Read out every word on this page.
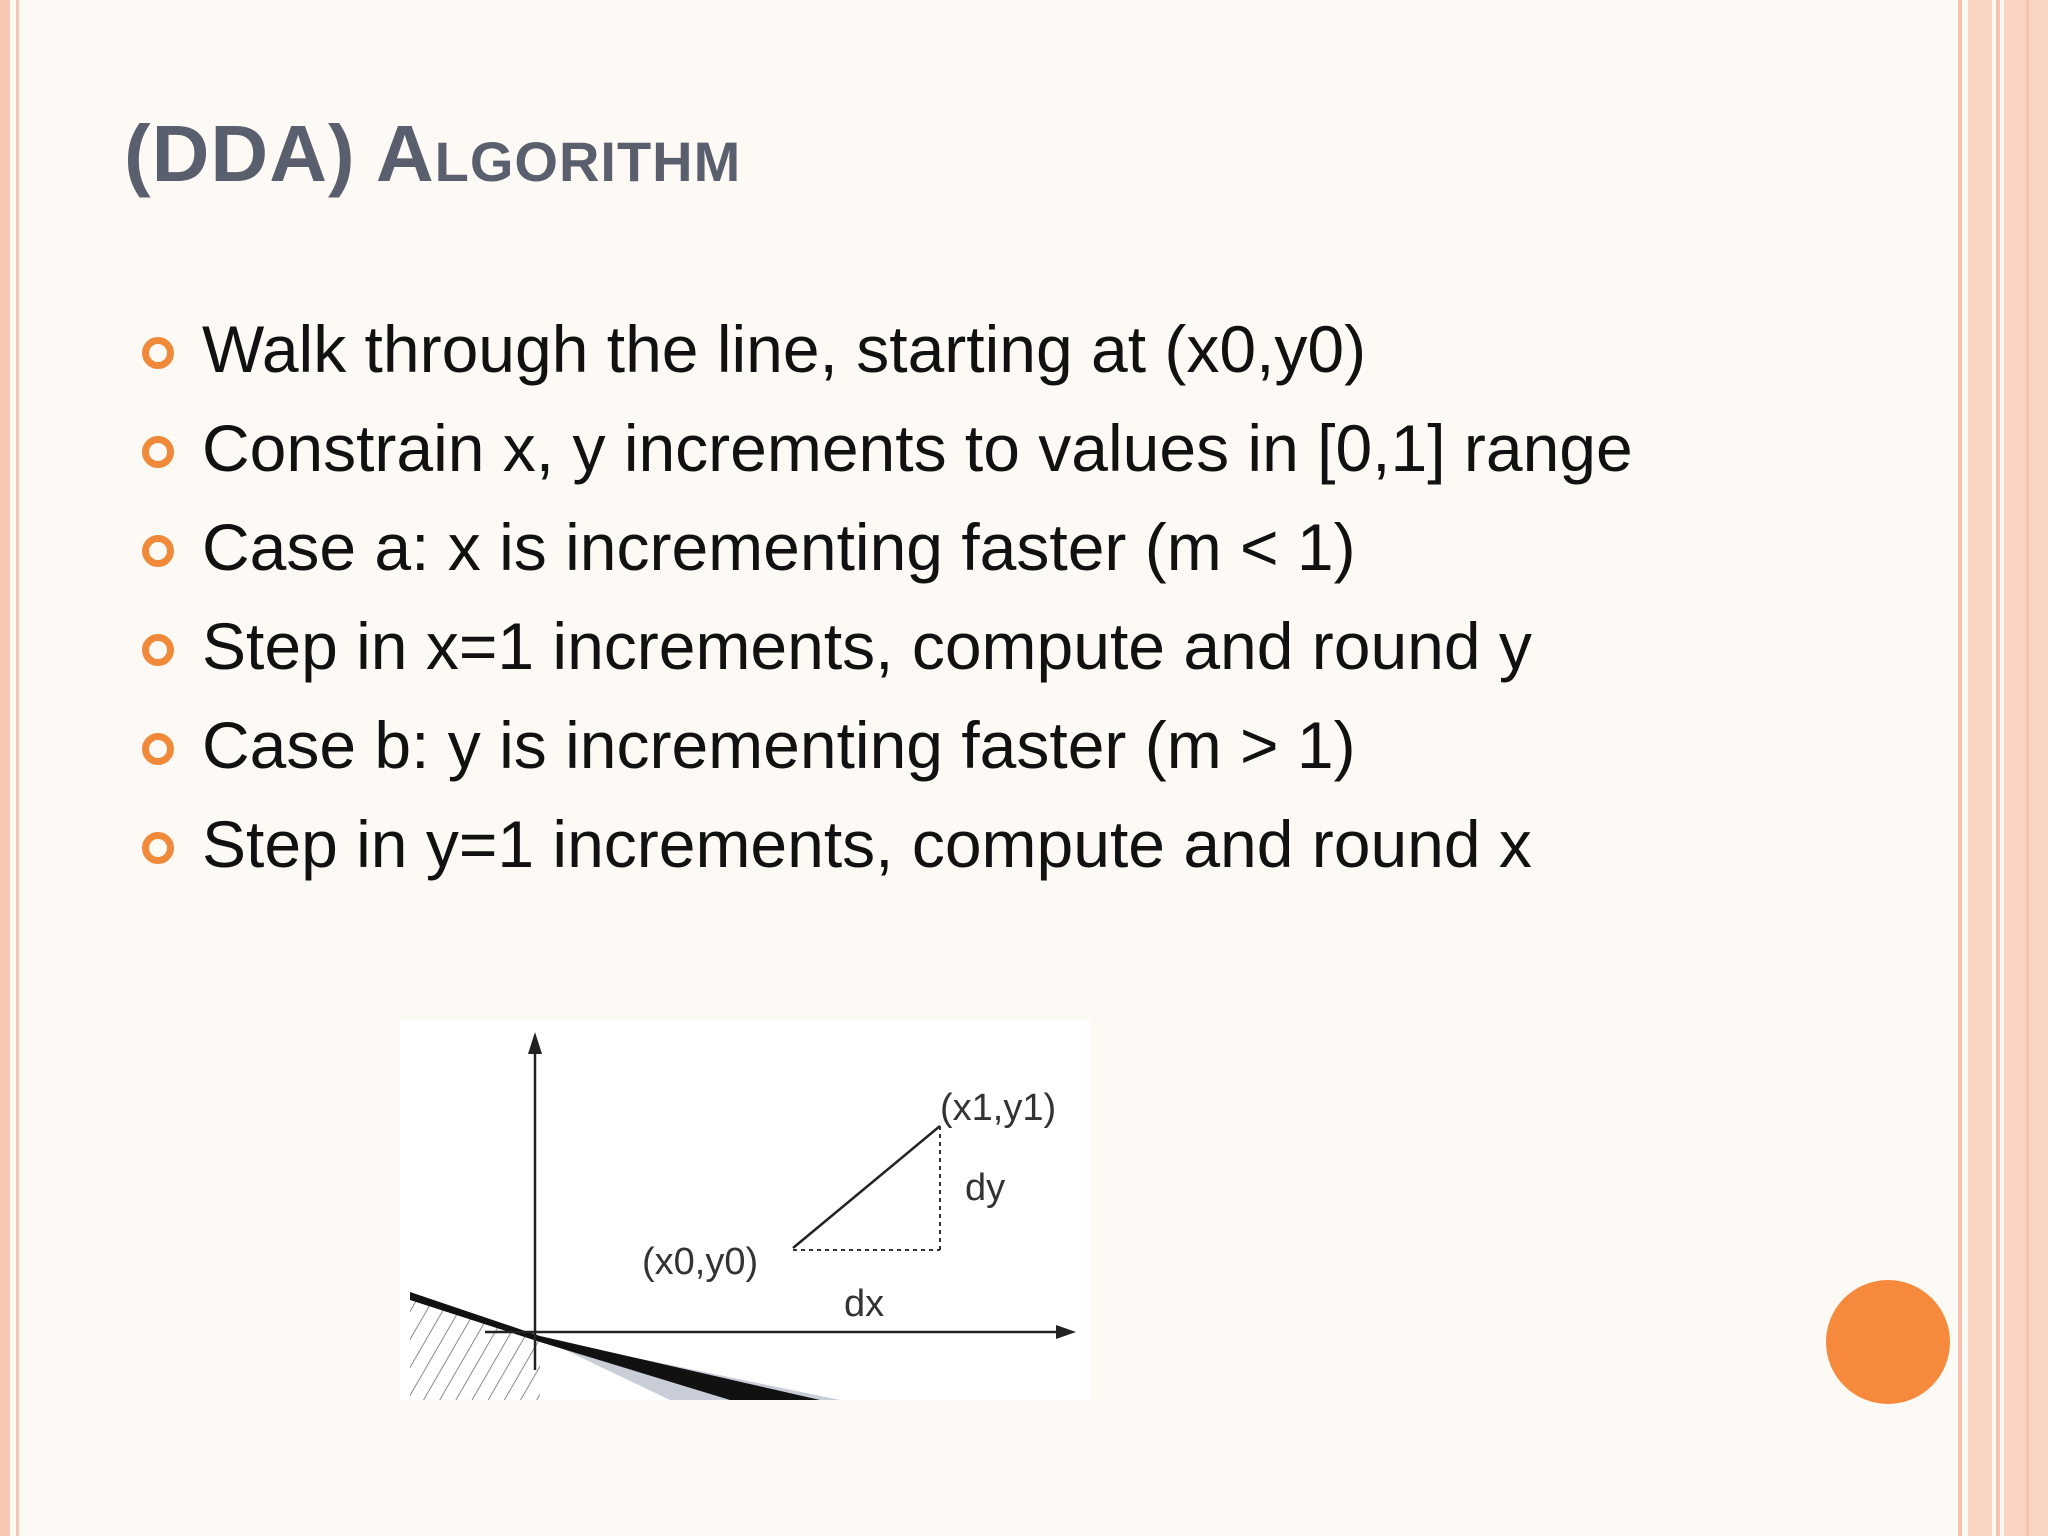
(DDA) Algorithm
Walk through the line, starting at (x0,y0)
Constrain x, y increments to values in [0,1] range
Case a: x is incrementing faster (m < 1)
Step in x=1 increments, compute and round y
Case b: y is incrementing faster (m > 1)
Step in y=1 increments, compute and round x
(x0,y0)
(x1,y1)
dx
dy
